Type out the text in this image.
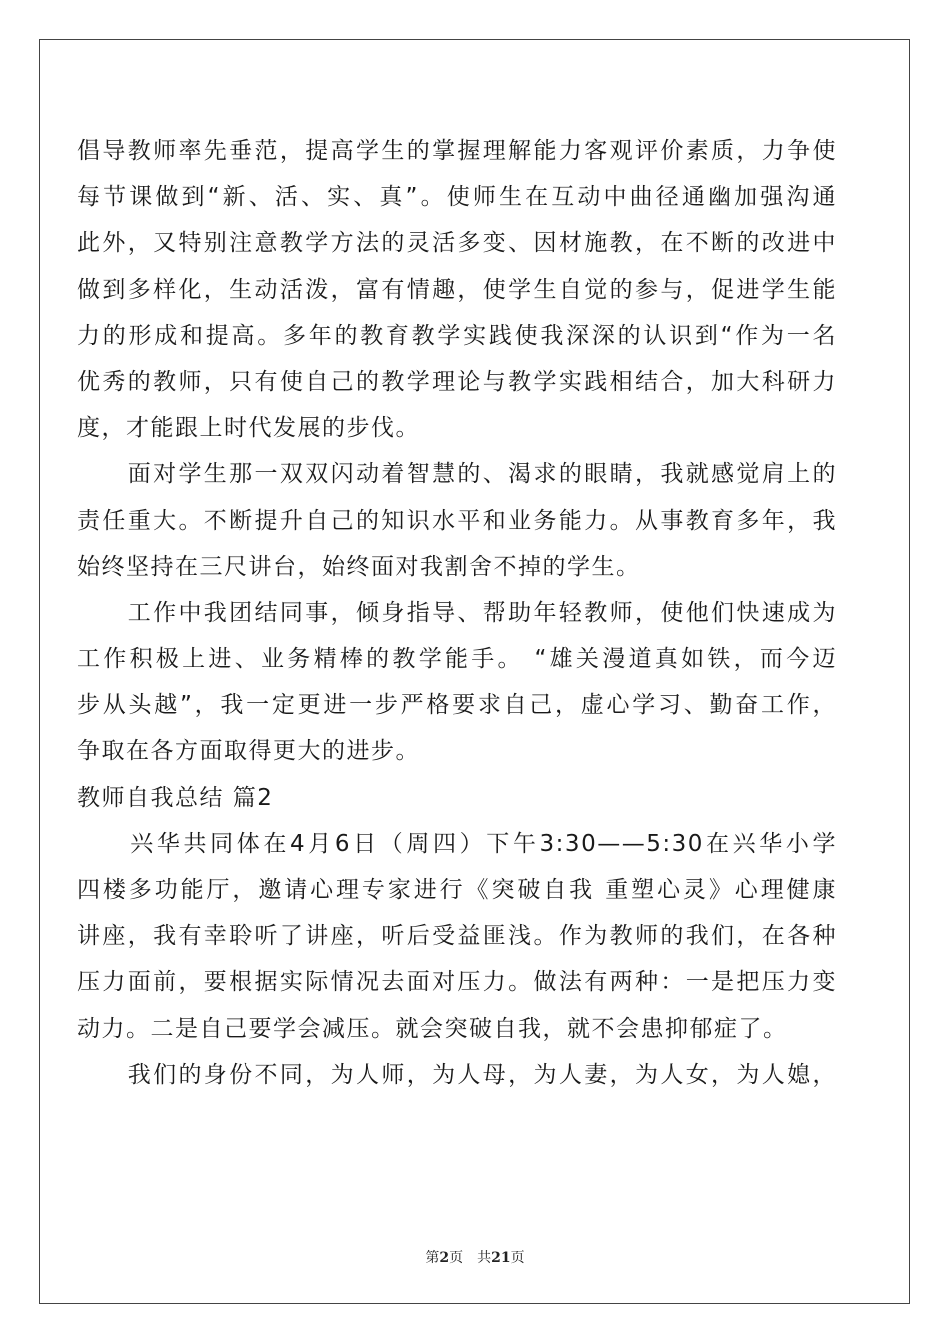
倡导教师率先垂范，提高学生的掌握理解能力客观评价素质，力争使
每节课做到“新、活、实、真”。使师生在互动中曲径通幽加强沟通
此外，又特别注意教学方法的灵活多变、因材施教，在不断的改进中
做到多样化，生动活泼，富有情趣，使学生自觉的参与，促进学生能
力的形成和提高。多年的教育教学实践使我深深的认识到“作为一名
优秀的教师，只有使自己的教学理论与教学实践相结合，加大科研力
度，才能跟上时代发展的步伐。
　　面对学生那一双双闪动着智慧的、渴求的眼睛，我就感觉肩上的
责任重大。不断提升自己的知识水平和业务能力。从事教育多年，我
始终坚持在三尺讲台，始终面对我割舍不掉的学生。
　　工作中我团结同事，倾身指导、帮助年轻教师，使他们快速成为
工作积极上进、业务精棒的教学能手。 “雄关漫道真如铁，而今迈
步从头越”，我一定更进一步严格要求自己，虚心学习、勤奋工作，
争取在各方面取得更大的进步。
教师自我总结 篇2
　　兴华共同体在4月6日（周四）下午3:30——5:30在兴华小学
四楼多功能厅，邀请心理专家进行《突破自我 重塑心灵》心理健康
讲座，我有幸聆听了讲座，听后受益匪浅。作为教师的我们，在各种
压力面前，要根据实际情况去面对压力。做法有两种：一是把压力变
动力。二是自己要学会减压。就会突破自我，就不会患抑郁症了。
　　我们的身份不同，为人师，为人母，为人妻，为人女，为人媳，
第2页　共21页
